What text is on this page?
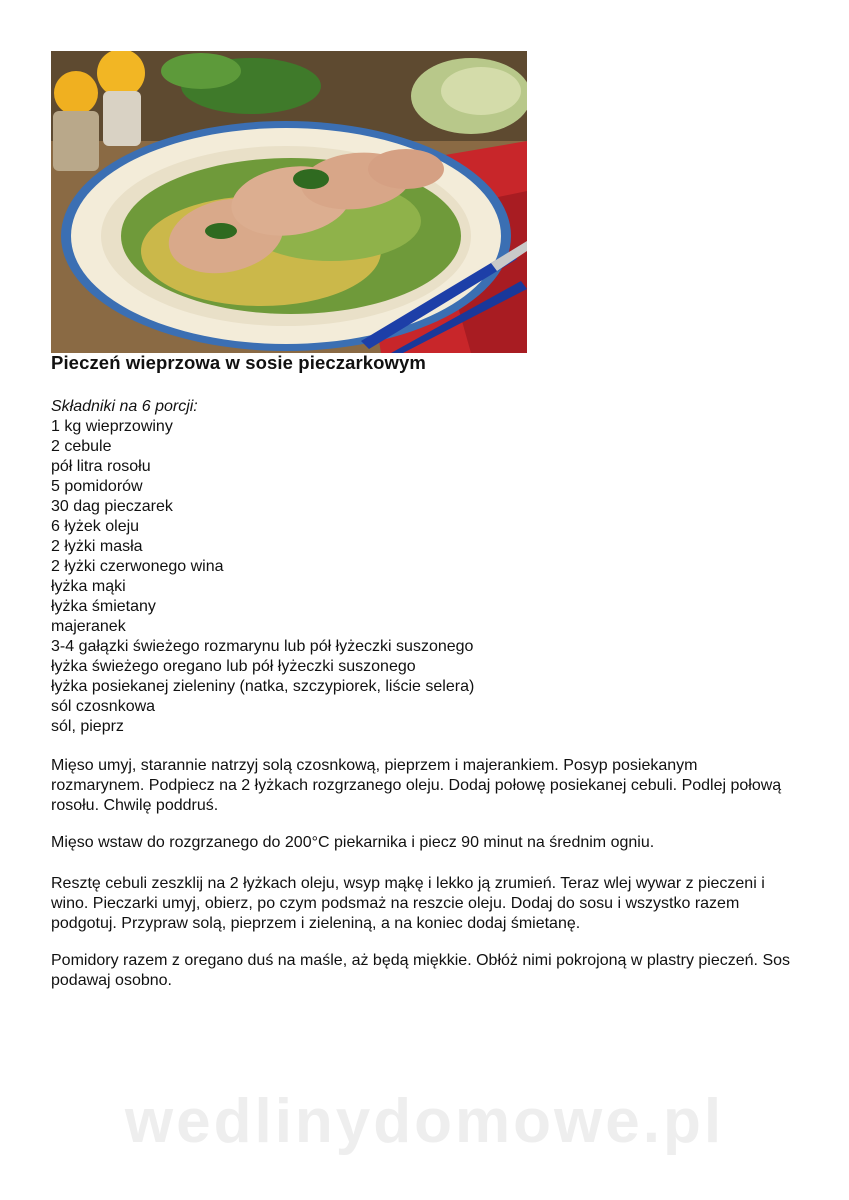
Pieczeń wieprzowa w sosie pieczarkowym
Składniki na 6 porcji:
1 kg wieprzowiny
2 cebule
pół litra rosołu
5 pomidorów
30 dag pieczarek
6 łyżek oleju
2 łyżki masła
2 łyżki czerwonego wina
łyżka mąki
łyżka śmietany
majeranek
3-4 gałązki świeżego rozmarynu lub pół łyżeczki suszonego
łyżka świeżego oregano lub pół łyżeczki suszonego
łyżka posiekanej zieleniny (natka, szczypiorek, liście selera)
sól czosnkowa
sól, pieprz

Mięso umyj, starannie natrzyj solą czosnkową, pieprzem i majerankiem. Posyp posiekanym rozmarynem. Podpiecz na 2 łyżkach rozgrzanego oleju. Dodaj połowę posiekanej cebuli. Podlej połową rosołu. Chwilę poddruś.

Mięso wstaw do rozgrzanego do 200°C piekarnika i piecz 90 minut na średnim ogniu.

Resztę cebuli zeszklij na 2 łyżkach oleju, wsyp mąkę i lekko ją zrumień. Teraz wlej wywar z pieczeni i wino. Pieczarki umyj, obierz, po czym podsmaż na reszcie oleju. Dodaj do sosu i wszystko razem podgotuj. Przypraw solą, pieprzem i zieleniną, a na koniec dodaj śmietanę.

Pomidory razem z oregano duś na maśle, aż będą miękkie. Obłóż nimi pokrojoną w plastry pieczeń. Sos podawaj osobno.

wedlinydomowe.pl
